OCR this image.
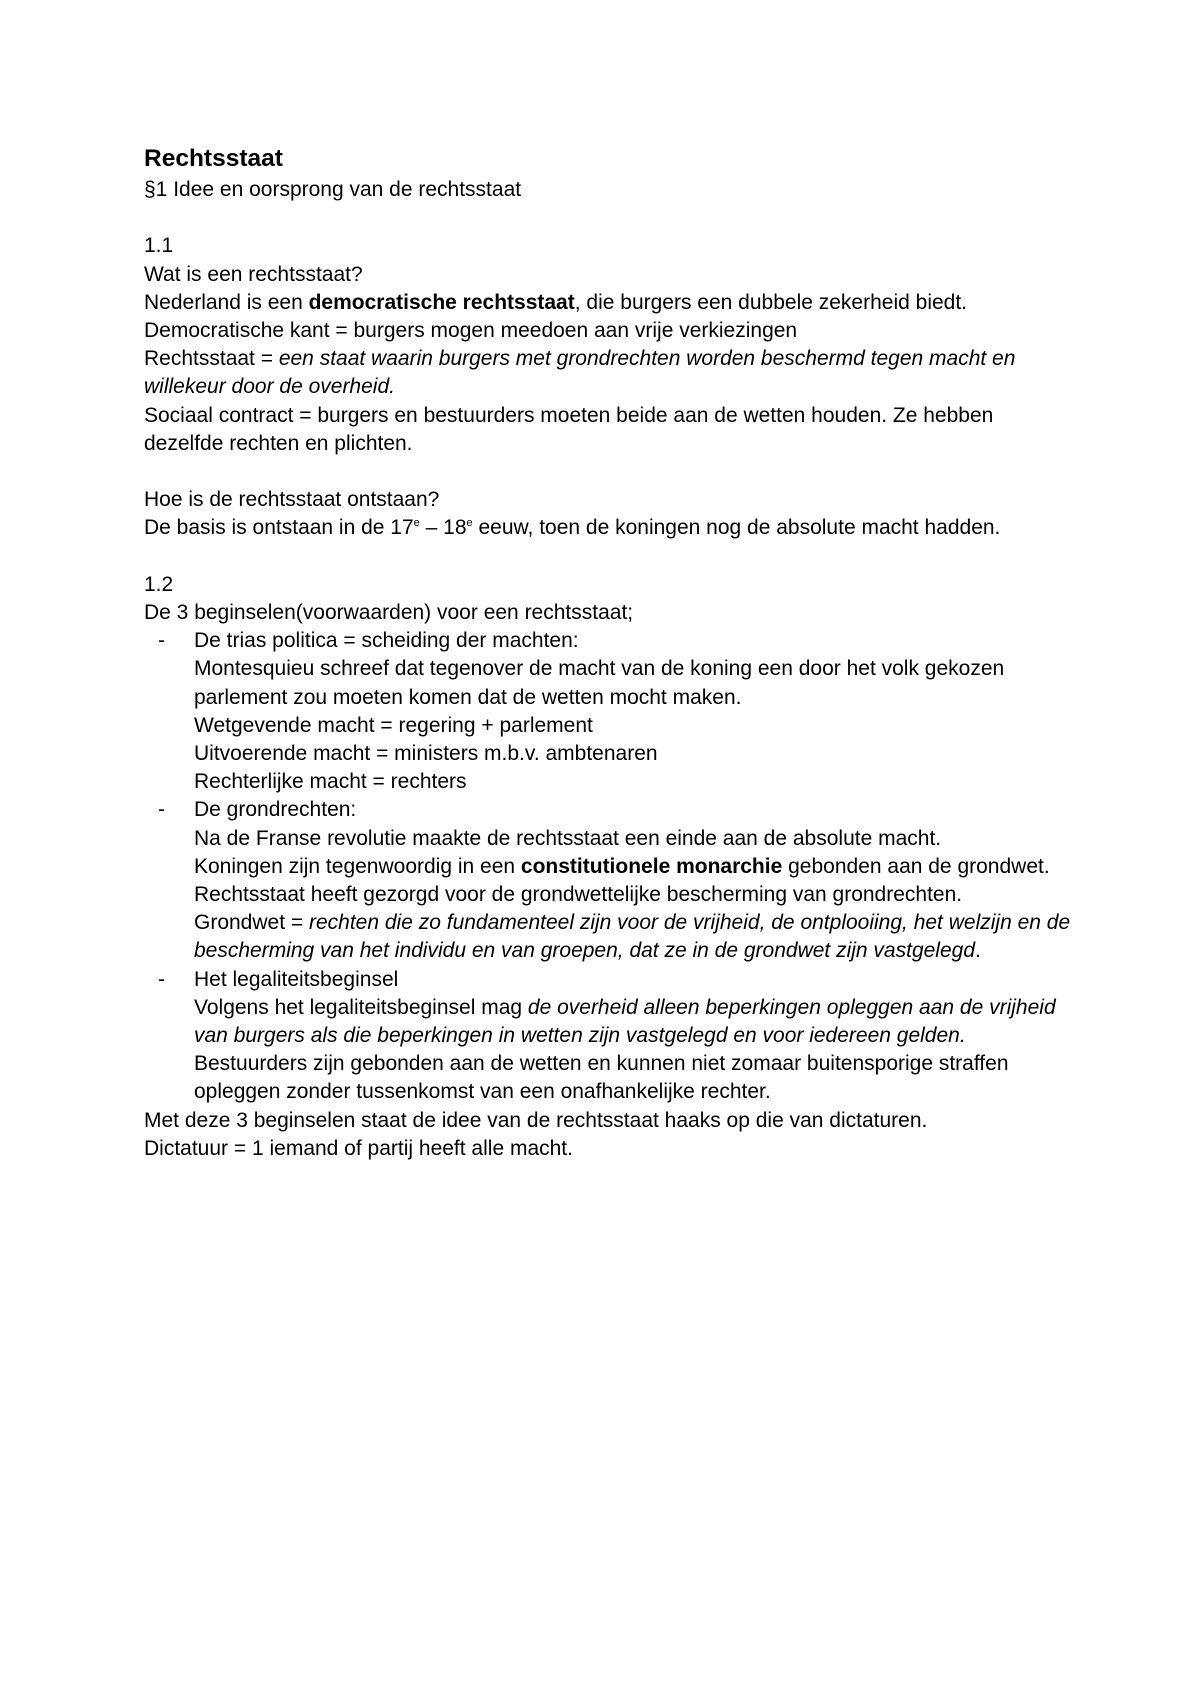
Rechtsstaat

§1 Idee en oorsprong van de rechtsstaat

1.1

Wat is een rechtsstaat?

Nederland is een democratische rechtsstaat, die burgers een dubbele zekerheid biedt.

Democratische kant = burgers mogen meedoen aan vrije verkiezingen

Rechtsstaat = een staat waarin burgers met grondrechten worden beschermd tegen macht en willekeur door de overheid.

Sociaal contract = burgers en bestuurders moeten beide aan de wetten houden. Ze hebben dezelfde rechten en plichten.

Hoe is de rechtsstaat ontstaan?

De basis is ontstaan in de 17e – 18e eeuw, toen de koningen nog de absolute macht hadden.

1.2

De 3 beginselen(voorwaarden) voor een rechtsstaat;

- De trias politica = scheiding der machten:

Montesquieu schreef dat tegenover de macht van de koning een door het volk gekozen parlement zou moeten komen dat de wetten mocht maken.

Wetgevende macht = regering + parlement

Uitvoerende macht = ministers m.b.v. ambtenaren

Rechterlijke macht = rechters

- De grondrechten:

Na de Franse revolutie maakte de rechtsstaat een einde aan de absolute macht.

Koningen zijn tegenwoordig in een constitutionele monarchie gebonden aan de grondwet.

Rechtsstaat heeft gezorgd voor de grondwettelijke bescherming van grondrechten.

Grondwet = rechten die zo fundamenteel zijn voor de vrijheid, de ontplooiing, het welzijn en de bescherming van het individu en van groepen, dat ze in de grondwet zijn vastgelegd.

- Het legaliteitsbeginsel

Volgens het legaliteitsbeginsel mag de overheid alleen beperkingen opleggen aan de vrijheid van burgers als die beperkingen in wetten zijn vastgelegd en voor iedereen gelden.

Bestuurders zijn gebonden aan de wetten en kunnen niet zomaar buitensporige straffen opleggen zonder tussenkomst van een onafhankelijke rechter.

Met deze 3 beginselen staat de idee van de rechtsstaat haaks op die van dictaturen.

Dictatuur = 1 iemand of partij heeft alle macht.
